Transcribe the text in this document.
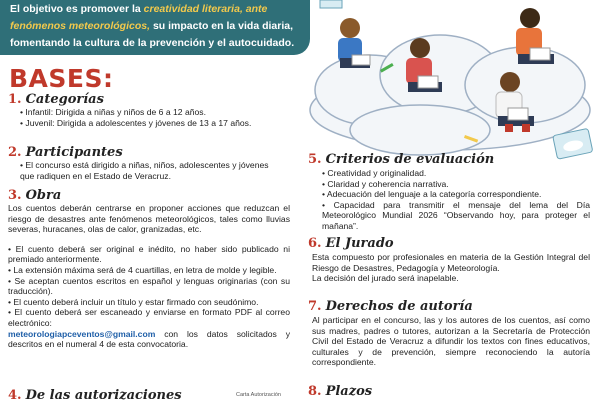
El objetivo es promover la creatividad literaria, ante
fenómenos meteorológicos, su impacto en la vida diaria,
fomentando la cultura de la prevención y el autocuidado.
BASES:
1. Categorías

• Infantil: Dirigida a niñas y niños de 6 a 12 años.

• Juvenil: Dirigida a adolescentes y jóvenes de 13 a 17 años.

2. Participantes

• El concurso está dirigido a niñas, niños, adolescentes y jóvenes que radiquen en el Estado de Veracruz.

3. Obra

Los cuentos deberán centrarse en proponer acciones que reduzcan el riesgo de desastres ante fenómenos meteorológicos, tales como lluvias severas, huracanes, olas de calor, granizadas, etc.

• El cuento deberá ser original e inédito, no haber sido publicado ni premiado anteriormente.

• La extensión máxima será de 4 cuartillas, en letra de molde y legible.

• Se aceptan cuentos escritos en español y lenguas originarias (con su traducción).

• El cuento deberá incluir un título y estar firmado con seudónimo.

• El cuento deberá ser escaneado y enviarse en formato PDF al correo electrónico:

meteorologiapceventos@gmail.com con los datos solicitados y descritos en el numeral 4 de esta convocatoria.

4. De las autorizaciones	Carta Autorización
5. Criterios de evaluación

• Creatividad y originalidad.

• Claridad y coherencia narrativa.

• Adecuación del lenguaje a la categoría correspondiente.

• Capacidad para transmitir el mensaje del lema del Día Meteorológico Mundial 2026 “Observando hoy, para proteger el mañana”.

6. El Jurado

Esta compuesto por profesionales en materia de la Gestión Integral del Riesgo de Desastres, Pedagogía y Meteorología.

La decisión del jurado será inapelable.

7. Derechos de autoría

Al participar en el concurso, las y los autores de los cuentos, así como sus madres, padres o tutores, autorizan a la Secretaría de Protección Civil del Estado de Veracruz a difundir los textos con fines educativos, culturales y de prevención, siempre reconociendo la autoría correspondiente.

8. Plazos
